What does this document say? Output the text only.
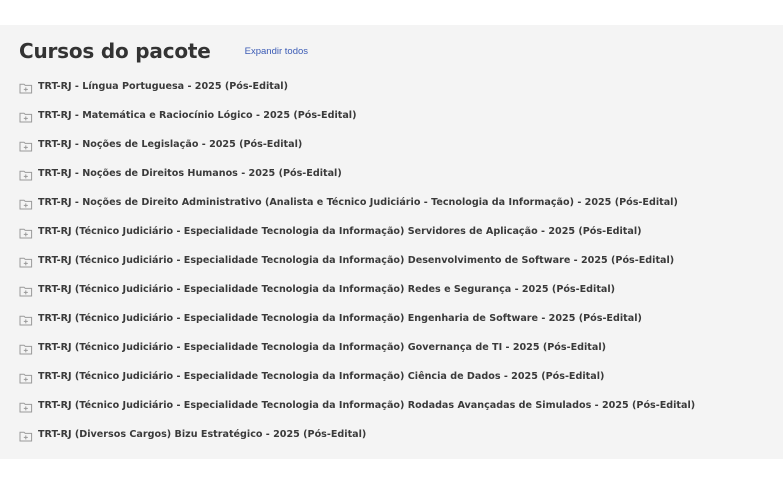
Cursos do pacote	Expandir todos
TRT-RJ - Língua Portuguesa - 2025 (Pós-Edital)
TRT-RJ - Matemática e Raciocínio Lógico - 2025 (Pós-Edital)
TRT-RJ - Noções de Legislação - 2025 (Pós-Edital)
TRT-RJ - Noções de Direitos Humanos - 2025 (Pós-Edital)
TRT-RJ - Noções de Direito Administrativo (Analista e Técnico Judiciário - Tecnologia da Informação) - 2025 (Pós-Edital)
TRT-RJ (Técnico Judiciário - Especialidade Tecnologia da Informação) Servidores de Aplicação - 2025 (Pós-Edital)
TRT-RJ (Técnico Judiciário - Especialidade Tecnologia da Informação) Desenvolvimento de Software - 2025 (Pós-Edital)
TRT-RJ (Técnico Judiciário - Especialidade Tecnologia da Informação) Redes e Segurança - 2025 (Pós-Edital)
TRT-RJ (Técnico Judiciário - Especialidade Tecnologia da Informação) Engenharia de Software - 2025 (Pós-Edital)
TRT-RJ (Técnico Judiciário - Especialidade Tecnologia da Informação) Governança de TI - 2025 (Pós-Edital)
TRT-RJ (Técnico Judiciário - Especialidade Tecnologia da Informação) Ciência de Dados - 2025 (Pós-Edital)
TRT-RJ (Técnico Judiciário - Especialidade Tecnologia da Informação) Rodadas Avançadas de Simulados - 2025 (Pós-Edital)
TRT-RJ (Diversos Cargos) Bizu Estratégico - 2025 (Pós-Edital)
